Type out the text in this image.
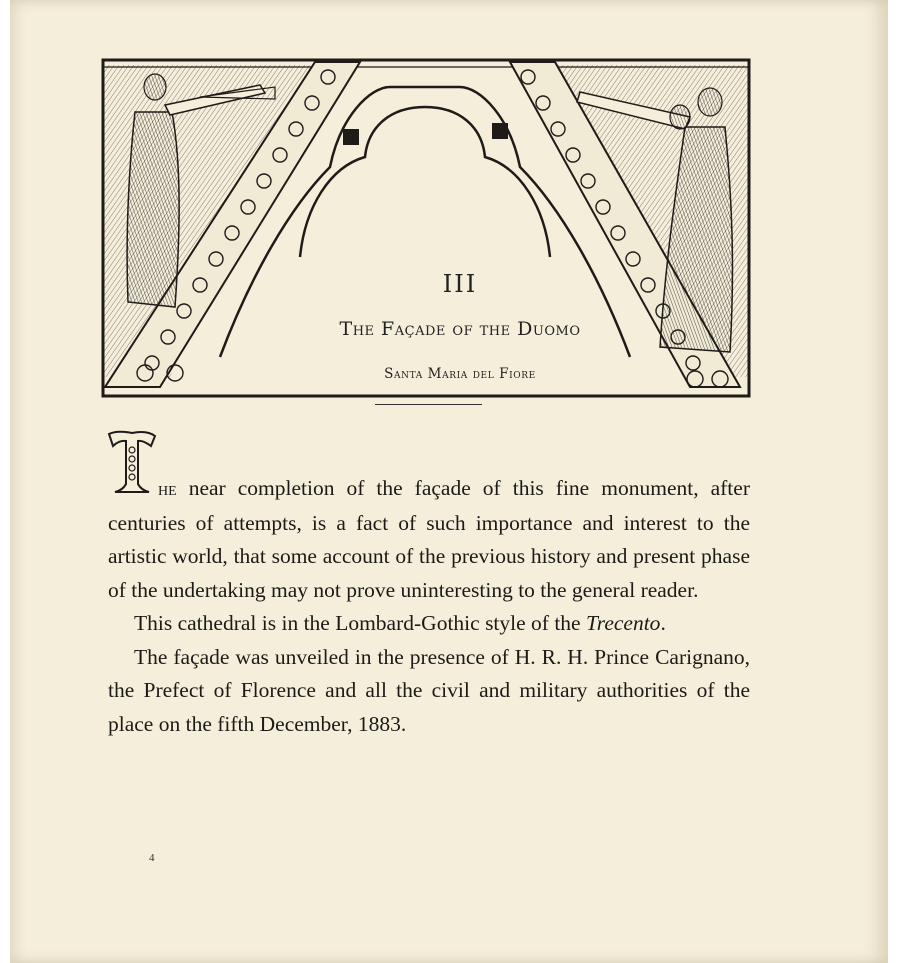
III
The Façade of the Duomo
Santa Maria del Fiore
T

he near completion of the façade of this fine monument, after centuries of attempts, is a fact of such importance and interest to the artistic world, that some account of the previous history and present phase of the undertaking may not prove uninteresting to the general reader.

This cathedral is in the Lombard-Gothic style of the Trecento.

The façade was unveiled in the presence of H. R. H. Prince Carignano, the Prefect of Florence and all the civil and military authorities of the place on the fifth December, 1883.

4
